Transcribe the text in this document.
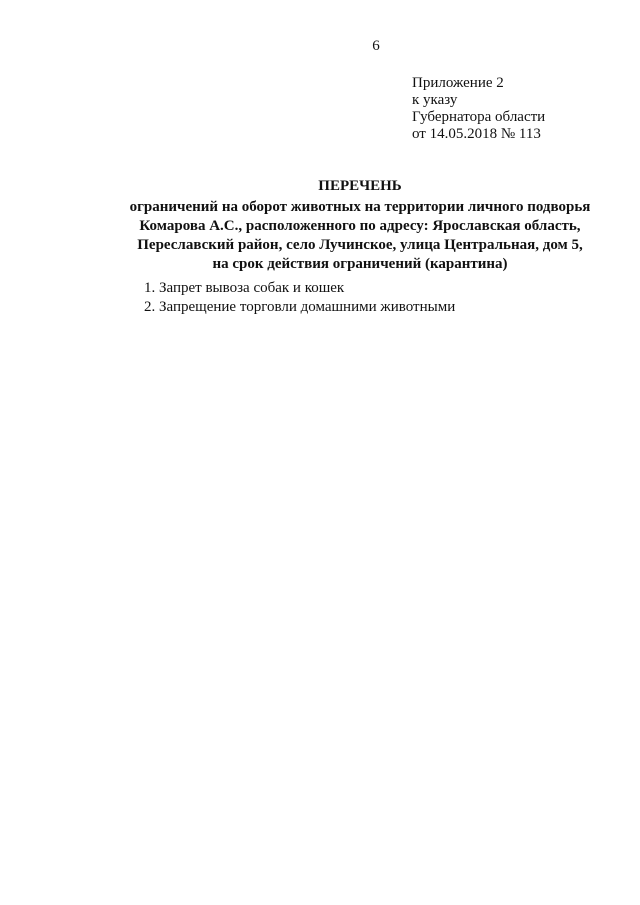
6
Приложение 2
к указу
Губернатора области
от 14.05.2018 № 113
ПЕРЕЧЕНЬ
ограничений на оборот животных на территории личного подворья
Комарова А.С., расположенного по адресу: Ярославская область,
Переславский район, село Лучинское, улица Центральная, дом 5,
на срок действия ограничений (карантина)
1. Запрет вывоза собак и кошек
2. Запрещение торговли домашними животными
